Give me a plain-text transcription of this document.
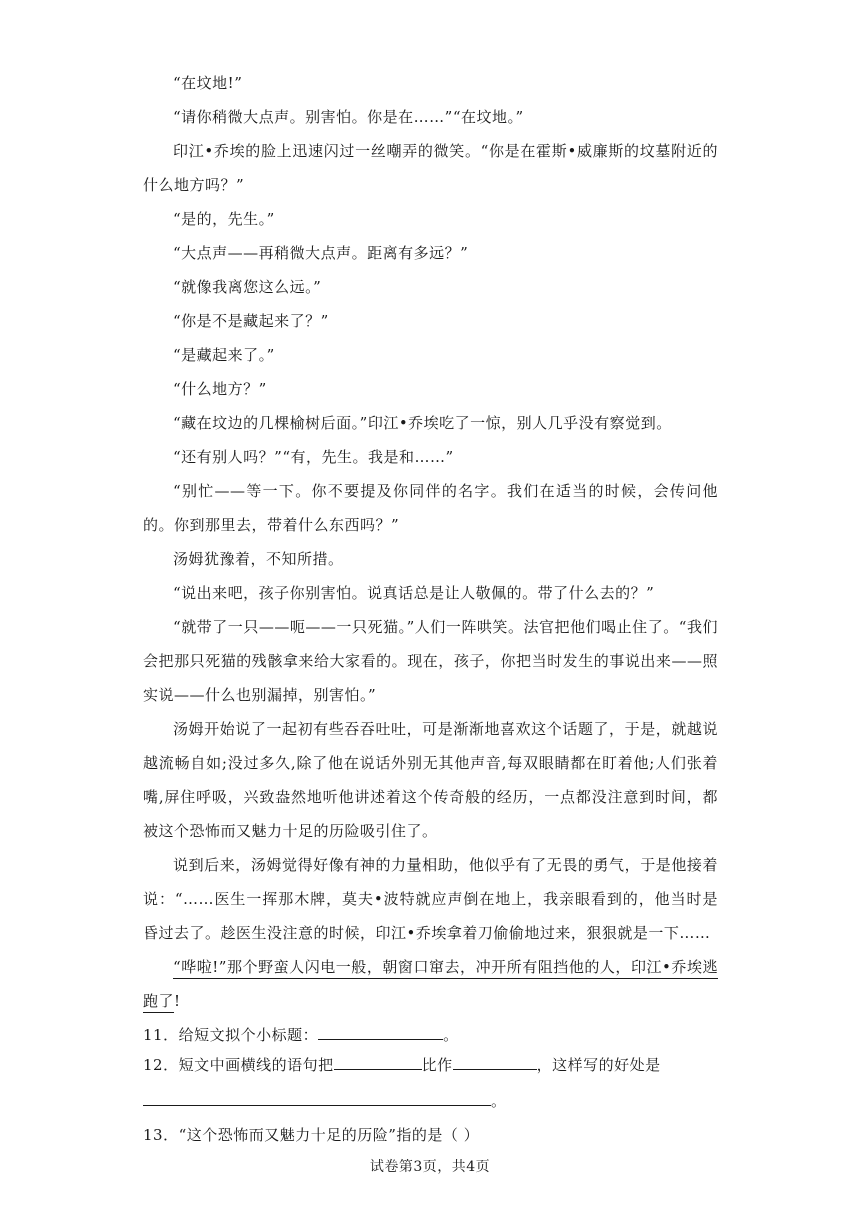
“在坟地!”

“请你稍微大点声。别害怕。你是在……”“在坟地。”

印江•乔埃的脸上迅速闪过一丝嘲弄的微笑。“你是在霍斯•威廉斯的坟墓附近的什么地方吗？”

“是的，先生。”

“大点声——再稍微大点声。距离有多远？”

“就像我离您这么远。”

“你是不是藏起来了？”

“是藏起来了。”

“什么地方？”

“藏在坟边的几棵榆树后面。”印江•乔埃吃了一惊，别人几乎没有察觉到。

“还有别人吗？”“有，先生。我是和……”

“别忙——等一下。你不要提及你同伴的名字。我们在适当的时候，会传问他的。你到那里去，带着什么东西吗？”

汤姆犹豫着，不知所措。

“说出来吧，孩子你别害怕。说真话总是让人敬佩的。带了什么去的？”

“就带了一只——呃——一只死猫。”人们一阵哄笑。法官把他们喝止住了。“我们会把那只死猫的残骸拿来给大家看的。现在，孩子，你把当时发生的事说出来——照实说——什么也别漏掉，别害怕。”

汤姆开始说了一起初有些吞吞吐吐，可是渐渐地喜欢这个话题了，于是，就越说越流畅自如;没过多久,除了他在说话外别无其他声音,每双眼睛都在盯着他;人们张着嘴,屏住呼吸，兴致盎然地听他讲述着这个传奇般的经历，一点都没注意到时间，都被这个恐怖而又魅力十足的历险吸引住了。

说到后来，汤姆觉得好像有神的力量相助，他似乎有了无畏的勇气，于是他接着说：“……医生一挥那木牌，莫夫•波特就应声倒在地上，我亲眼看到的，他当时是昏过去了。趁医生没注意的时候，印江•乔埃拿着刀偷偷地过来，狠狠就是一下……

“哗啦!”那个野蛮人闪电一般，朝窗口窜去，冲开所有阻挡他的人，印江•乔埃逃跑了!

11．给短文拟个小标题：	。

12．短文中画横线的语句把	比作	，这样写的好处是

。

13．“这个恐怖而又魅力十足的历险”指的是（ ）

试卷第3页，共4页
